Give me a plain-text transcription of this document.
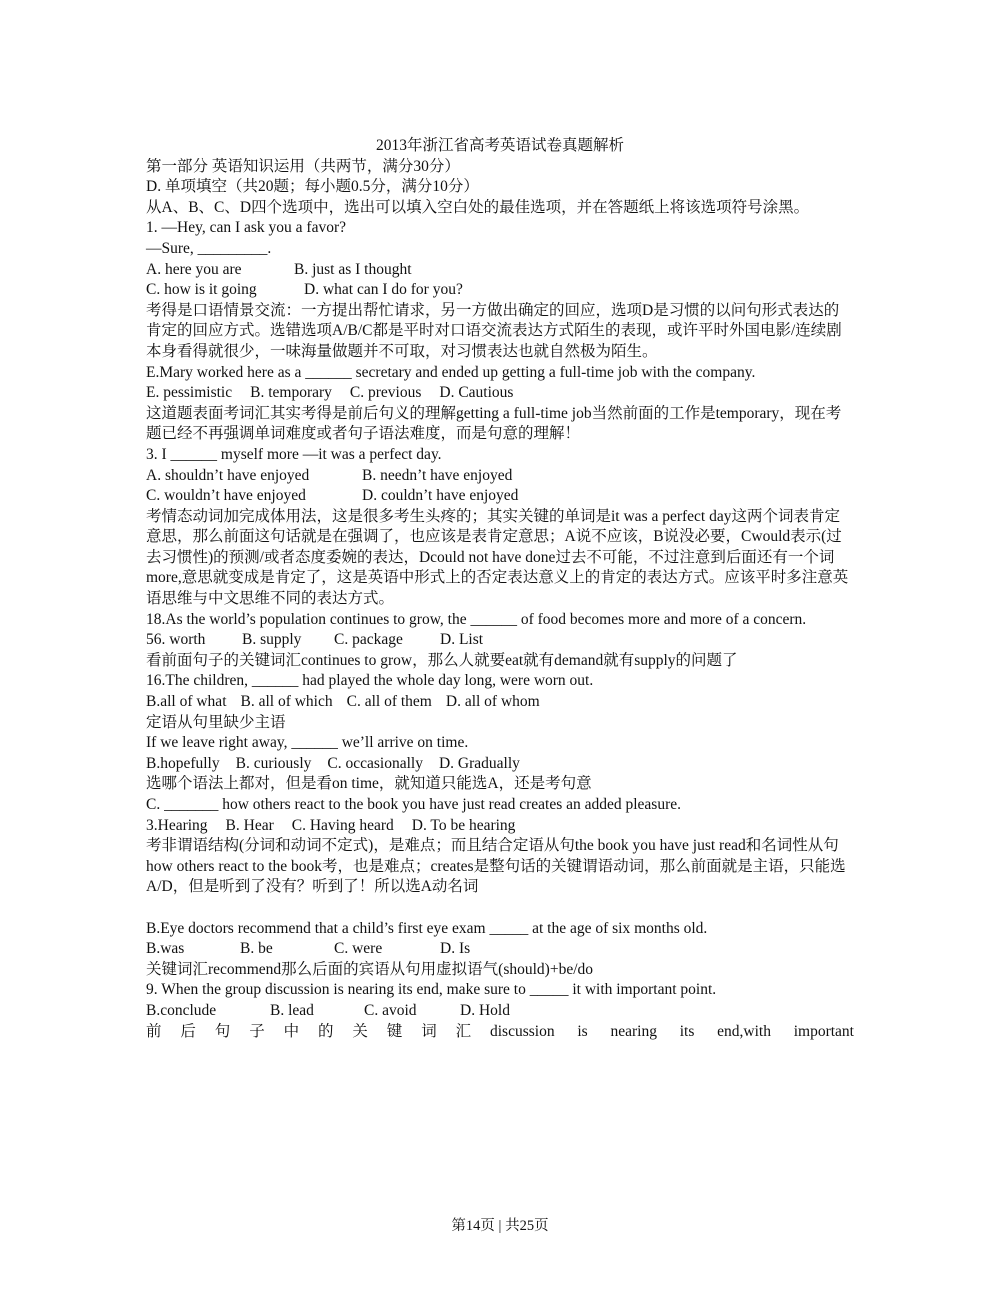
2013年浙江省高考英语试卷真题解析
第一部分 英语知识运用（共两节，满分30分）
D. 单项填空（共20题；每小题0.5分，满分10分）
从A、B、C、D四个选项中，选出可以填入空白处的最佳选项，并在答题纸上将该选项符号涂黑。
1. —Hey, can I ask you a favor?
—Sure, _________.
A. here you are	B. just as I thought
C. how is it going	D. what can I do for you?
考得是口语情景交流：一方提出帮忙请求，另一方做出确定的回应，选项D是习惯的以问句形式表达的肯定的回应方式。选错选项A/B/C都是平时对口语交流表达方式陌生的表现，或许平时外国电影/连续剧本身看得就很少，一味海量做题并不可取，对习惯表达也就自然极为陌生。
E.Mary worked here as a ______ secretary and ended up getting a full-time job with the company.
E. pessimistic B. temporary C. previous D. Cautious
这道题表面考词汇其实考得是前后句义的理解getting a full-time job当然前面的工作是temporary，现在考题已经不再强调单词难度或者句子语法难度，而是句意的理解！
3. I ______ myself more —it was a perfect day.
A. shouldn’t have enjoyed	B. needn’t have enjoyed
C. wouldn’t have enjoyed	D. couldn’t have enjoyed
考情态动词加完成体用法，这是很多考生头疼的；其实关键的单词是it was a perfect day这两个词表肯定意思，那么前面这句话就是在强调了，也应该是表肯定意思；A说不应该，B说没必要，Cwould表示(过去习惯性)的预测/或者态度委婉的表达，Dcould not have done过去不可能，不过注意到后面还有一个词more,意思就变成是肯定了，这是英语中形式上的否定表达意义上的肯定的表达方式。应该平时多注意英语思维与中文思维不同的表达方式。
18.As the world’s population continues to grow, the ______ of food becomes more and more of a concern.
56. worth B. supply C. package D. List
看前面句子的关键词汇continues to grow，那么人就要eat就有demand就有supply的问题了
16.The children, ______ had played the whole day long, were worn out.
B.all of what B. all of which C. all of them D. all of whom
定语从句里缺少主语
If we leave right away, ______ we’ll arrive on time.
B.hopefully B. curiously C. occasionally D. Gradually
选哪个语法上都对，但是看on time，就知道只能选A，还是考句意
C. _______ how others react to the book you have just read creates an added pleasure.
3.Hearing B. Hear C. Having heard D. To be hearing
考非谓语结构(分词和动词不定式)，是难点；而且结合定语从句the book you have just read和名词性从句how others react to the book考，也是难点；creates是整句话的关键谓语动词，那么前面就是主语，只能选A/D，但是听到了没有？听到了！所以选A动名词
B.Eye doctors recommend that a child’s first eye exam _____ at the age of six months old.
B.was	B. be	C. were	D. Is
关键词汇recommend那么后面的宾语从句用虚拟语气(should)+be/do
9. When the group discussion is nearing its end, make sure to _____ it with important point.
B.conclude	B. lead	C. avoid	D. Hold
前后句子中的关键词汇discussion is nearing its end,with important
第14页 | 共25页
